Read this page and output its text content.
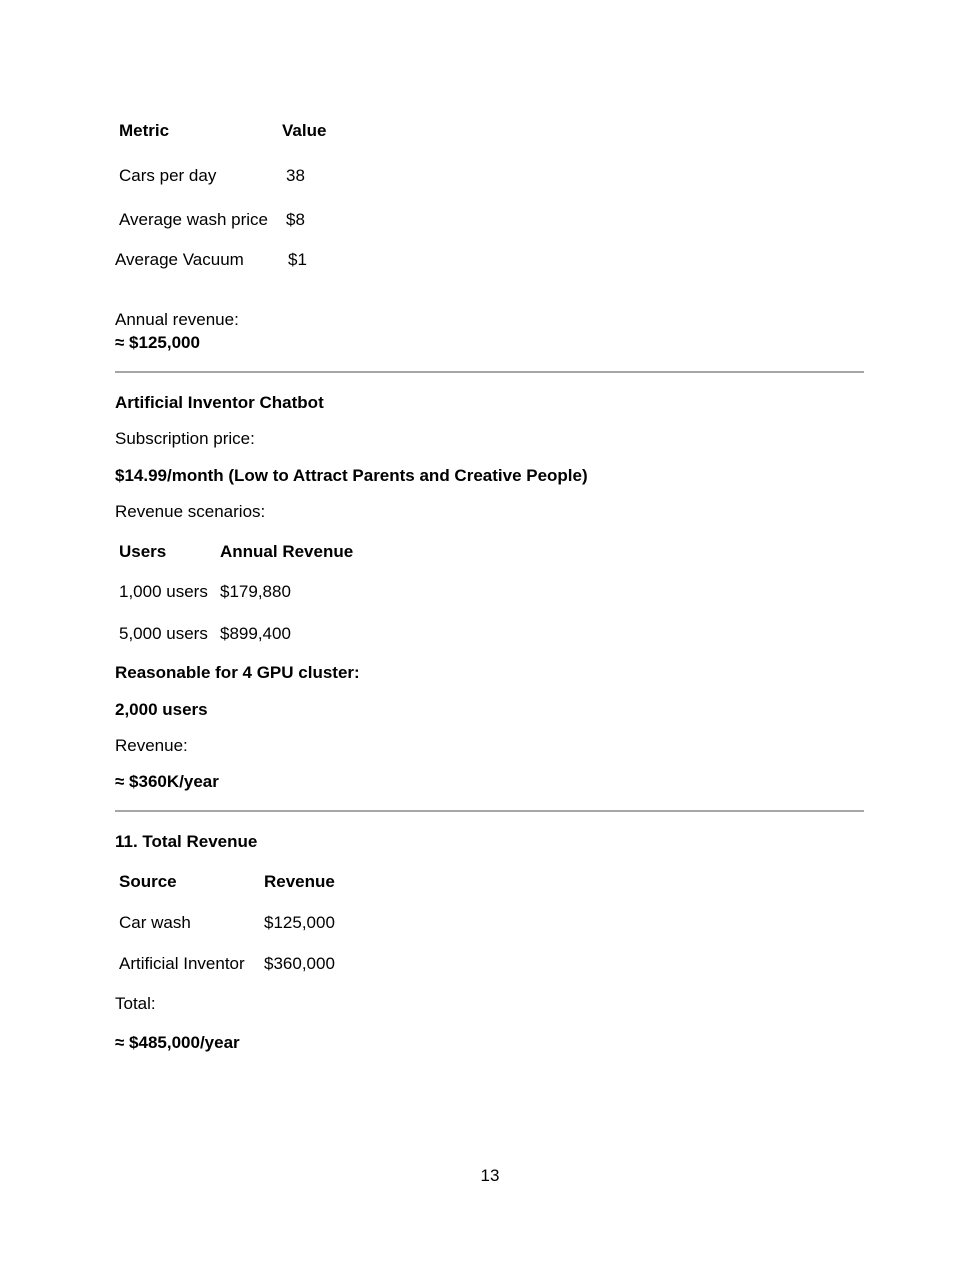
Metric	Value
Cars per day	38
Average wash price $8
Average Vacuum	$1
Annual revenue:
≈ $125,000
Artificial Inventor Chatbot
Subscription price:
$14.99/month (Low to Attract Parents and Creative People)
Revenue scenarios:
Users	Annual Revenue
1,000 users $179,880
5,000 users $899,400
Reasonable for 4 GPU cluster:
2,000 users
Revenue:
≈ $360K/year
11. Total Revenue
Source	Revenue
Car wash	$125,000
Artificial Inventor $360,000
Total:
≈ $485,000/year
13
